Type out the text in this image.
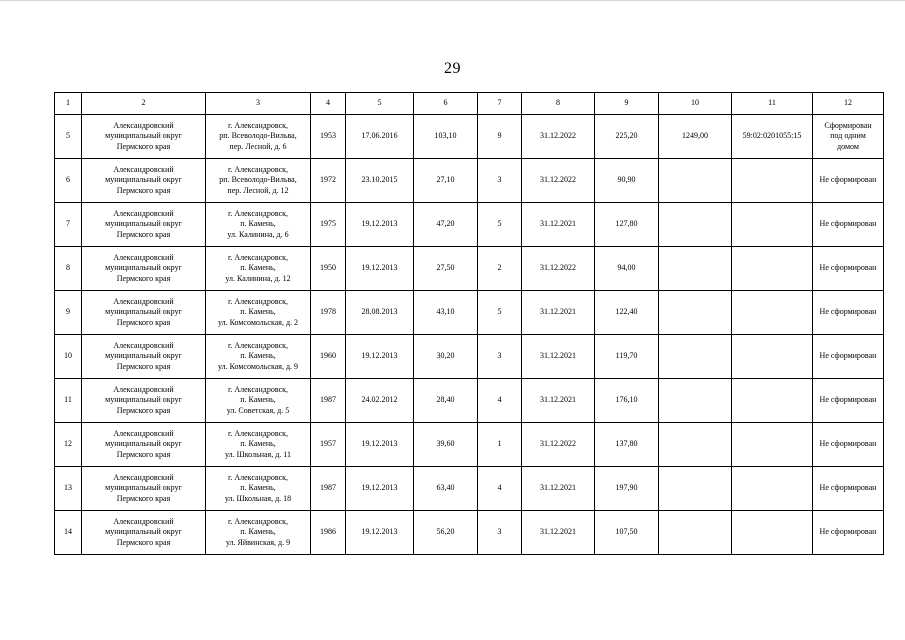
29
1	2	3	4	5	6	7	8	9	10	11	12
5	Александровский
муниципальный округ
Пермского края	г. Александровск,
рп. Всеволодо-Вильва,
пер. Лесной, д. 6	1953	17.06.2016	103,10	9	31.12.2022	225,20	1249,00	59:02:0201055:15	Сформирован
под одним
домом
6	Александровский
муниципальный округ
Пермского края	г. Александровск,
рп. Всеволодо-Вильва,
пер. Лесной, д. 12	1972	23.10.2015	27,10	3	31.12.2022	90,90			Не сформирован
7	Александровский
муниципальный округ
Пермского края	г. Александровск,
п. Камень,
ул. Калинина, д. 6	1975	19.12.2013	47,20	5	31.12.2021	127,80			Не сформирован
8	Александровский
муниципальный округ
Пермского края	г. Александровск,
п. Камень,
ул. Калинина, д. 12	1950	19.12.2013	27,50	2	31.12.2022	94,00			Не сформирован
9	Александровский
муниципальный округ
Пермского края	г. Александровск,
п. Камень,
ул. Комсомольская, д. 2	1978	28.08.2013	43,10	5	31.12.2021	122,40			Не сформирован
10	Александровский
муниципальный округ
Пермского края	г. Александровск,
п. Камень,
ул. Комсомольская, д. 9	1960	19.12.2013	30,20	3	31.12.2021	119,70			Не сформирован
11	Александровский
муниципальный округ
Пермского края	г. Александровск,
п. Камень,
ул. Советская, д. 5	1987	24.02.2012	28,40	4	31.12.2021	176,10			Не сформирован
12	Александровский
муниципальный округ
Пермского края	г. Александровск,
п. Камень,
ул. Школьная, д. 11	1957	19.12.2013	39,60	1	31.12.2022	137,80			Не сформирован
13	Александровский
муниципальный округ
Пермского края	г. Александровск,
п. Камень,
ул. Школьная, д. 18	1987	19.12.2013	63,40	4	31.12.2021	197,90			Не сформирован
14	Александровский
муниципальный округ
Пермского края	г. Александровск,
п. Камень,
ул. Яйвинская, д. 9	1986	19.12.2013	56,20	3	31.12.2021	107,50			Не сформирован
